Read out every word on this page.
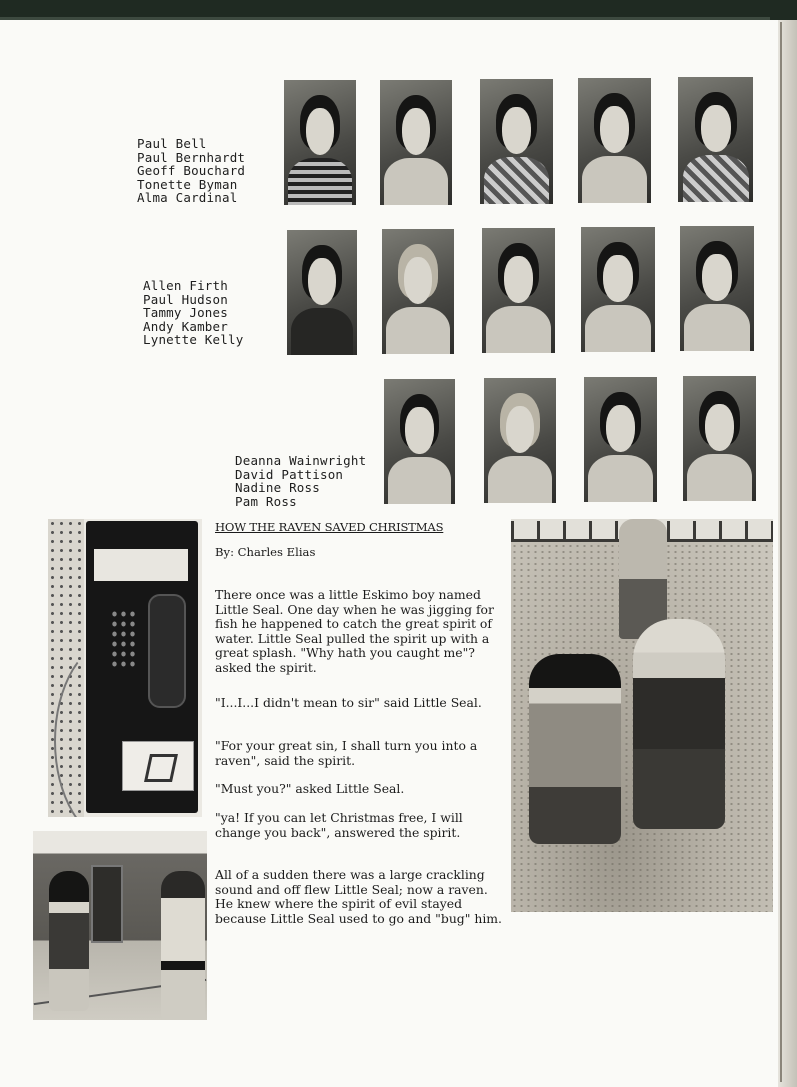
Paul Bell
Paul Bernhardt
Geoff Bouchard
Tonette Byman
Alma Cardinal
Allen Firth
Paul Hudson
Tammy Jones
Andy Kamber
Lynette Kelly
Deanna Wainwright
David Pattison
Nadine Ross
Pam Ross
HOW THE RAVEN SAVED CHRISTMAS
By: Charles Elias

There once was a little Eskimo boy named Little Seal. One day when he was jigging for fish he happened to catch the great spirit of water. Little Seal pulled the spirit up with a great splash. "Why hath you caught me"? asked the spirit.

"I...I...I didn't mean to sir" said Little Seal.

"For your great sin, I shall turn you into a raven", said the spirit.

"Must you?" asked Little Seal.

"ya! If you can let Christmas free, I will change you back", answered the spirit.

All of a sudden there was a large crackling sound and off flew Little Seal; now a raven. He knew where the spirit of evil stayed because Little Seal used to go and "bug" him.
